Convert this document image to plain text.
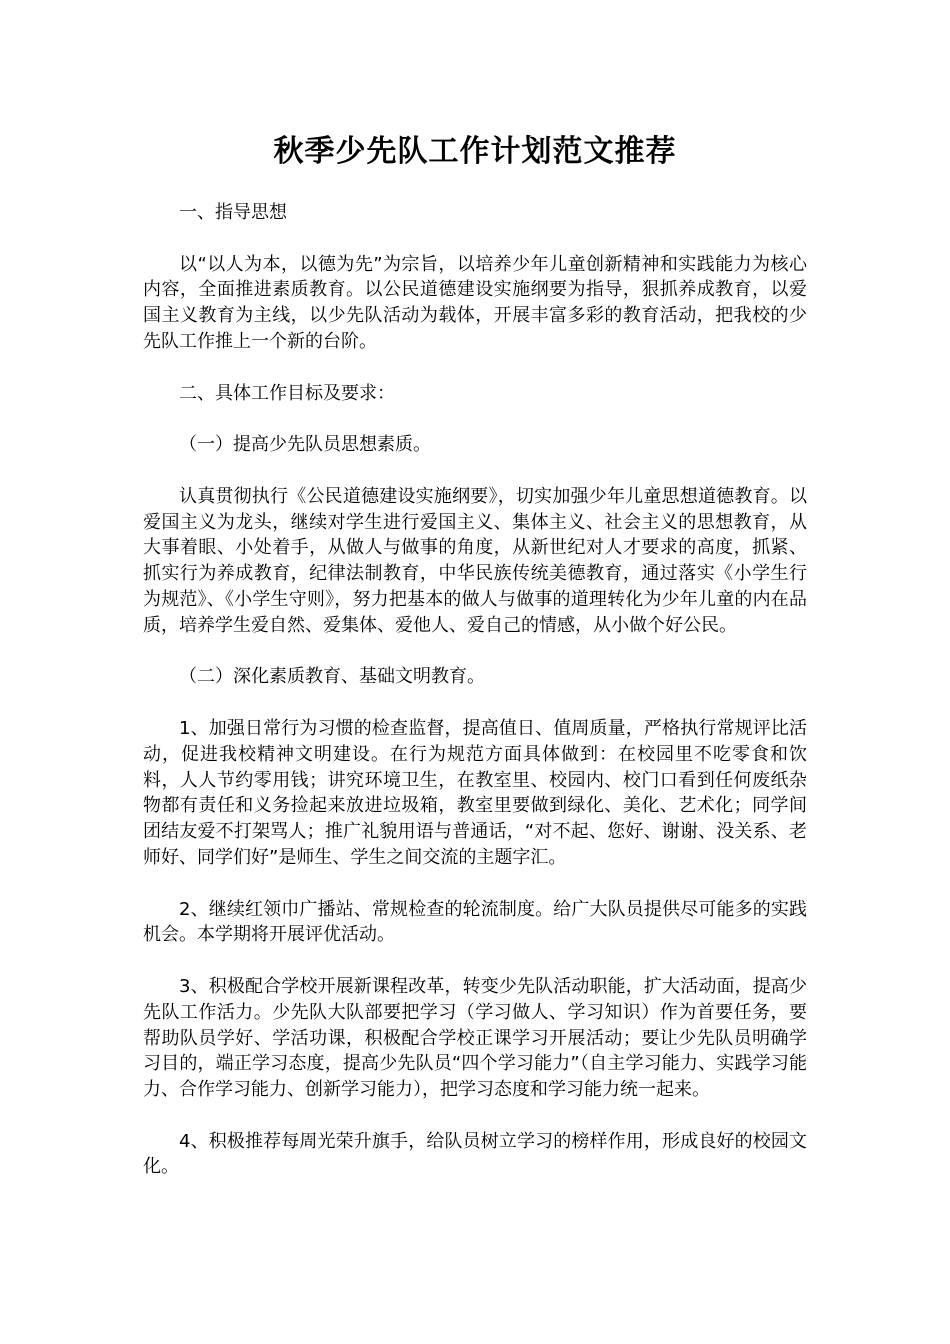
秋季少先队工作计划范文推荐

一、指导思想

以“以人为本，以德为先”为宗旨，以培养少年儿童创新精神和实践能力为核心内容，全面推进素质教育。以公民道德建设实施纲要为指导，狠抓养成教育，以爱国主义教育为主线，以少先队活动为载体，开展丰富多彩的教育活动，把我校的少先队工作推上一个新的台阶。

二、具体工作目标及要求：

（一）提高少先队员思想素质。

认真贯彻执行《公民道德建设实施纲要》，切实加强少年儿童思想道德教育。以爱国主义为龙头，继续对学生进行爱国主义、集体主义、社会主义的思想教育，从大事着眼、小处着手，从做人与做事的角度，从新世纪对人才要求的高度，抓紧、抓实行为养成教育，纪律法制教育，中华民族传统美德教育，通过落实《小学生行为规范》、《小学生守则》，努力把基本的做人与做事的道理转化为少年儿童的内在品质，培养学生爱自然、爱集体、爱他人、爱自己的情感，从小做个好公民。

（二）深化素质教育、基础文明教育。

1、加强日常行为习惯的检查监督，提高值日、值周质量，严格执行常规评比活动，促进我校精神文明建设。在行为规范方面具体做到：在校园里不吃零食和饮料，人人节约零用钱；讲究环境卫生，在教室里、校园内、校门口看到任何废纸杂物都有责任和义务捡起来放进垃圾箱，教室里要做到绿化、美化、艺术化；同学间团结友爱不打架骂人；推广礼貌用语与普通话，“对不起、您好、谢谢、没关系、老师好、同学们好”是师生、学生之间交流的主题字汇。

2、继续红领巾广播站、常规检查的轮流制度。给广大队员提供尽可能多的实践机会。本学期将开展评优活动。

3、积极配合学校开展新课程改革，转变少先队活动职能，扩大活动面，提高少先队工作活力。少先队大队部要把学习（学习做人、学习知识）作为首要任务，要帮助队员学好、学活功课，积极配合学校正课学习开展活动；要让少先队员明确学习目的，端正学习态度，提高少先队员“四个学习能力”（自主学习能力、实践学习能力、合作学习能力、创新学习能力），把学习态度和学习能力统一起来。

4、积极推荐每周光荣升旗手，给队员树立学习的榜样作用，形成良好的校园文化。
